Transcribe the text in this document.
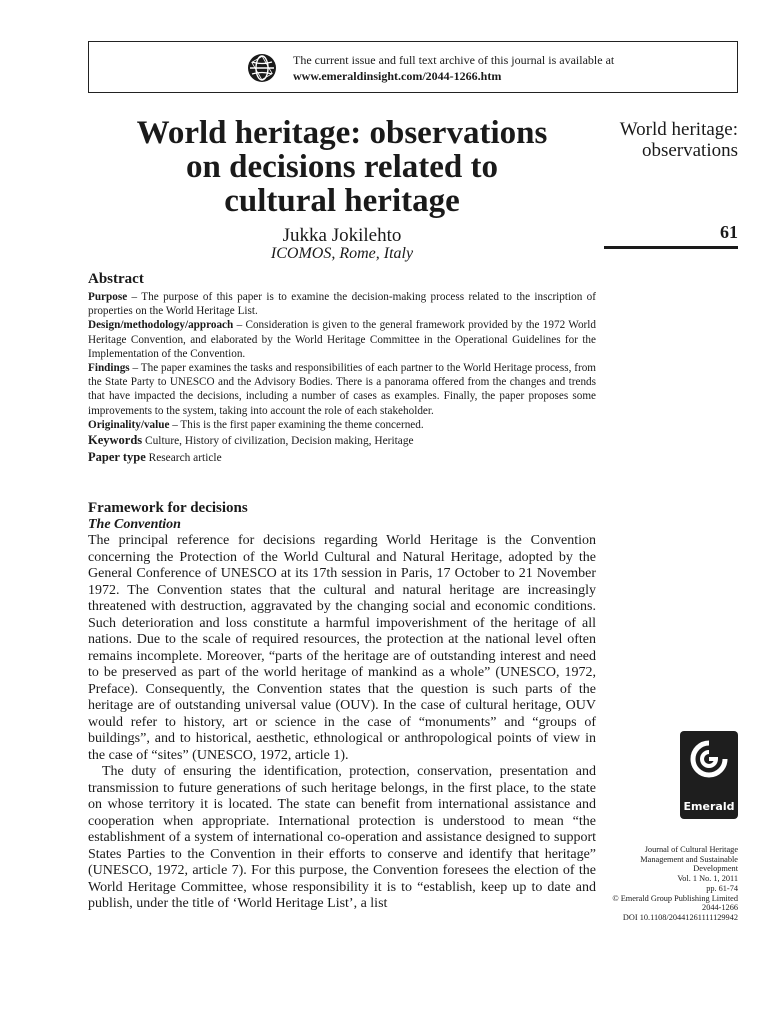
The current issue and full text archive of this journal is available at
www.emeraldinsight.com/2044-1266.htm
World heritage: observations
on decisions related to
cultural heritage
Jukka Jokilehto
ICOMOS, Rome, Italy
World heritage:
observations
61
Abstract

Purpose – The purpose of this paper is to examine the decision-making process related to the inscription of properties on the World Heritage List.

Design/methodology/approach – Consideration is given to the general framework provided by the 1972 World Heritage Convention, and elaborated by the World Heritage Committee in the Operational Guidelines for the Implementation of the Convention.

Findings – The paper examines the tasks and responsibilities of each partner to the World Heritage process, from the State Party to UNESCO and the Advisory Bodies. There is a panorama offered from the changes and trends that have impacted the decisions, including a number of cases as examples. Finally, the paper proposes some improvements to the system, taking into account the role of each stakeholder.

Originality/value – This is the first paper examining the theme concerned.

Keywords Culture, History of civilization, Decision making, Heritage

Paper type Research article

Framework for decisions
The Convention

The principal reference for decisions regarding World Heritage is the Convention concerning the Protection of the World Cultural and Natural Heritage, adopted by the General Conference of UNESCO at its 17th session in Paris, 17 October to 21 November 1972. The Convention states that the cultural and natural heritage are increasingly threatened with destruction, aggravated by the changing social and economic conditions. Such deterioration and loss constitute a harmful impoverishment of the heritage of all nations. Due to the scale of required resources, the protection at the national level often remains incomplete. Moreover, “parts of the heritage are of outstanding interest and need to be preserved as part of the world heritage of mankind as a whole” (UNESCO, 1972, Preface). Consequently, the Convention states that the question is such parts of the heritage are of outstanding universal value (OUV). In the case of cultural heritage, OUV would refer to history, art or science in the case of “monuments” and “groups of buildings”, and to historical, aesthetic, ethnological or anthropological points of view in the case of “sites” (UNESCO, 1972, article 1).

The duty of ensuring the identification, protection, conservation, presentation and transmission to future generations of such heritage belongs, in the first place, to the state on whose territory it is located. The state can benefit from international assistance and cooperation when appropriate. International protection is understood to mean “the establishment of a system of international co-operation and assistance designed to support States Parties to the Convention in their efforts to conserve and identify that heritage” (UNESCO, 1972, article 7). For this purpose, the Convention foresees the election of the World Heritage Committee, whose responsibility it is to “establish, keep up to date and publish, under the title of ‘World Heritage List’, a list

Emerald
Journal of Cultural Heritage
Management and Sustainable
Development
Vol. 1 No. 1, 2011
pp. 61-74
© Emerald Group Publishing Limited
2044-1266
DOI 10.1108/20441261111129942
